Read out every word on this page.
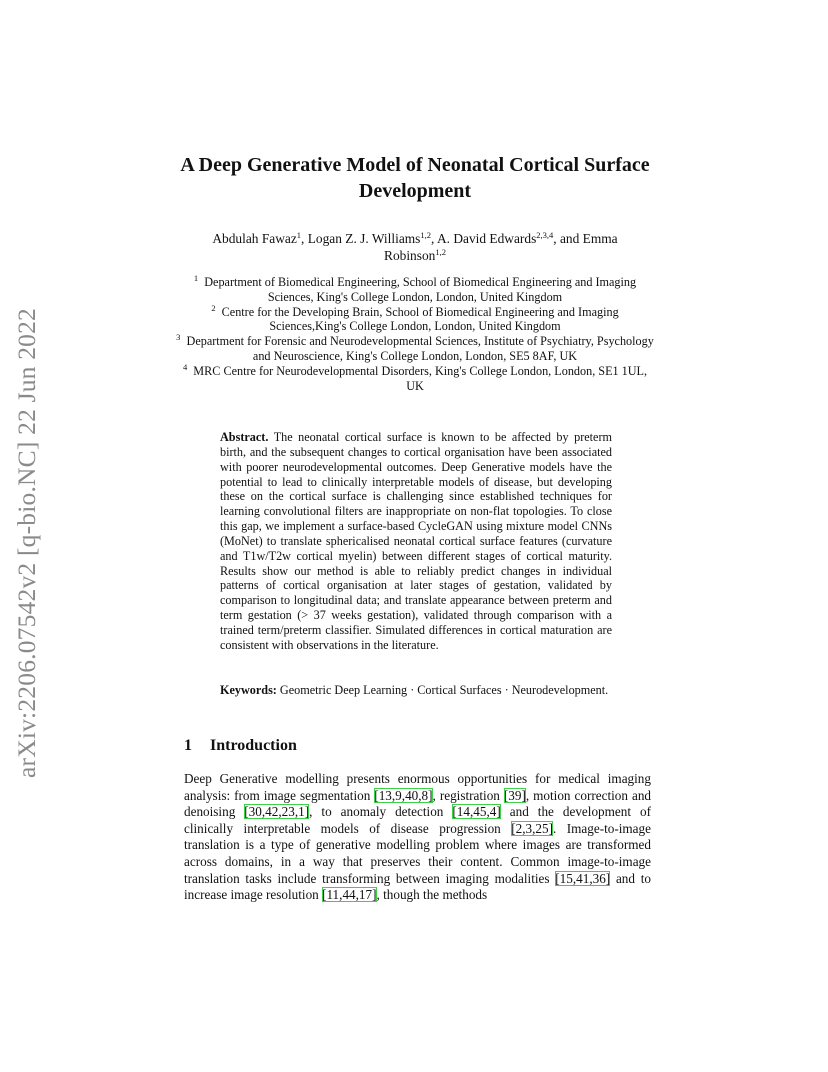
arXiv:2206.07542v2 [q-bio.NC] 22 Jun 2022
A Deep Generative Model of Neonatal Cortical Surface Development
Abdulah Fawaz$^1$, Logan Z. J. Williams$^{1,2}$, A. David Edwards$^{2,3,4}$, and Emma Robinson$^{1,2}$

$^1$ Department of Biomedical Engineering, School of Biomedical Engineering and Imaging Sciences, King's College London, London, United Kingdom

$^2$ Centre for the Developing Brain, School of Biomedical Engineering and Imaging Sciences,King's College London, London, United Kingdom

$^3$ Department for Forensic and Neurodevelopmental Sciences, Institute of Psychiatry, Psychology and Neuroscience, King's College London, London, SE5 8AF, UK

$^4$ MRC Centre for Neurodevelopmental Disorders, King's College London, London, SE1 1UL, UK

Abstract. The neonatal cortical surface is known to be affected by preterm birth, and the subsequent changes to cortical organisation have been associated with poorer neurodevelopmental outcomes. Deep Generative models have the potential to lead to clinically interpretable models of disease, but developing these on the cortical surface is challenging since established techniques for learning convolutional filters are inappropriate on non-flat topologies. To close this gap, we implement a surface-based CycleGAN using mixture model CNNs (MoNet) to translate sphericalised neonatal cortical surface features (curvature and T1w/T2w cortical myelin) between different stages of cortical maturity. Results show our method is able to reliably predict changes in individual patterns of cortical organisation at later stages of gestation, validated by comparison to longitudinal data; and translate appearance between preterm and term gestation (> 37 weeks gestation), validated through comparison with a trained term/preterm classifier. Simulated differences in cortical maturation are consistent with observations in the literature.
Keywords: Geometric Deep Learning · Cortical Surfaces · Neurodevelopment.
1 Introduction
Deep Generative modelling presents enormous opportunities for medical imaging analysis: from image segmentation [13,9,40,8], registration [39], motion correction and denoising [30,42,23,1], to anomaly detection [14,45,4] and the development of clinically interpretable models of disease progression [2,3,25]. Image-to-image translation is a type of generative modelling problem where images are transformed across domains, in a way that preserves their content. Common image-to-image translation tasks include transforming between imaging modalities [15,41,36] and to increase image resolution [11,44,17], though the methods
